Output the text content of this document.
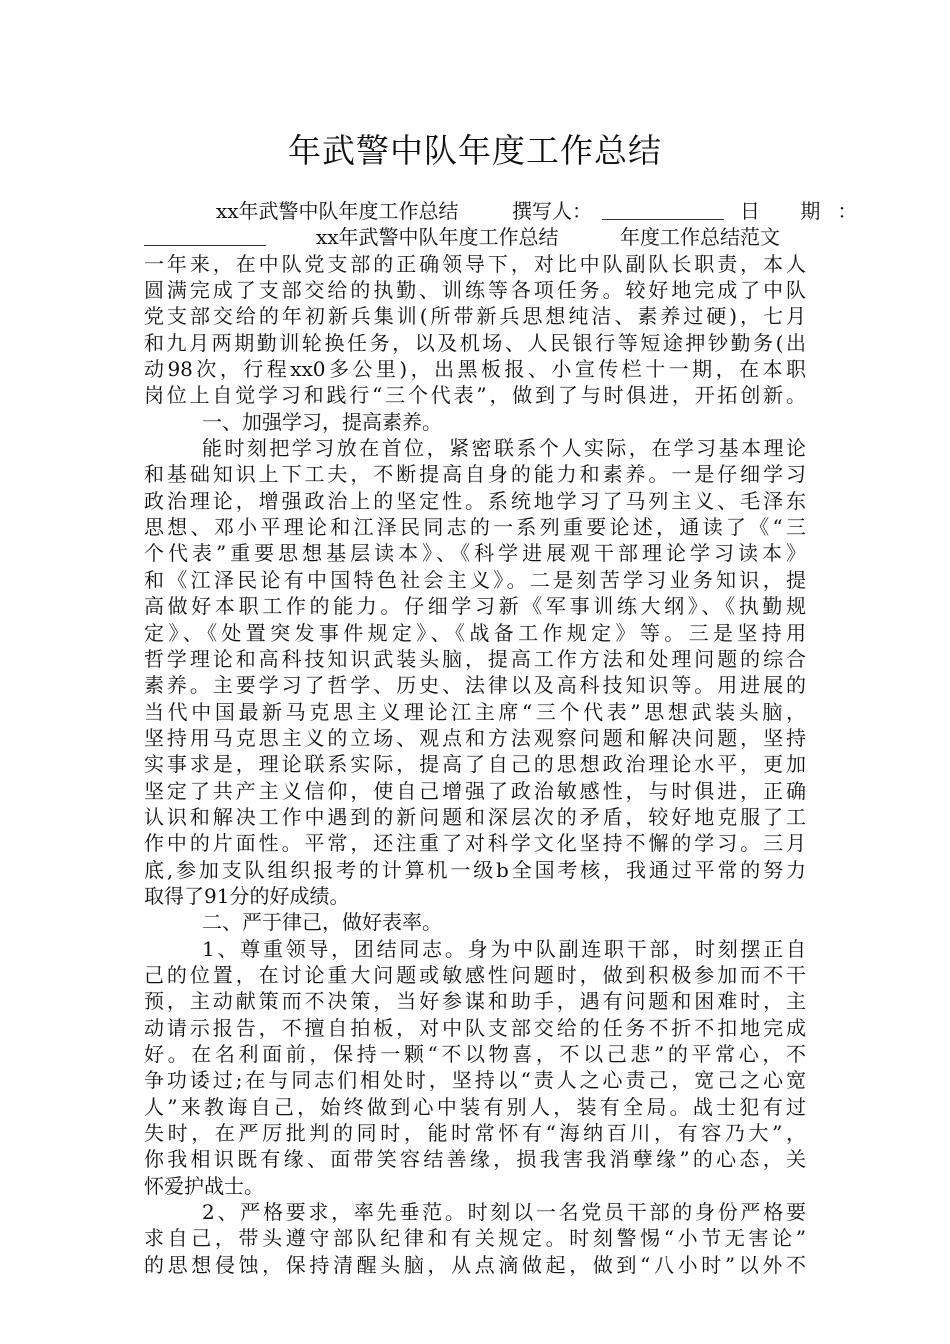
年武警中队年度工作总结
xx年武警中队年度工作总结	撰写人：	日 期：
xx年武警中队年度工作总结	年度工作总结范文
一年来，在中队党支部的正确领导下，对比中队副队长职责，本人
圆满完成了支部交给的执勤、训练等各项任务。较好地完成了中队
党支部交给的年初新兵集训(所带新兵思想纯洁、素养过硬)，七月
和九月两期勤训轮换任务，以及机场、人民银行等短途押钞勤务(出
动98次，行程xx0多公里)，出黑板报、小宣传栏十一期，在本职
岗位上自觉学习和践行“三个代表”，做到了与时俱进，开拓创新。
一、加强学习，提高素养。
能时刻把学习放在首位，紧密联系个人实际，在学习基本理论
和基础知识上下工夫，不断提高自身的能力和素养。一是仔细学习
政治理论，增强政治上的坚定性。系统地学习了马列主义、毛泽东
思想、邓小平理论和江泽民同志的一系列重要论述，通读了《“三
个代表”重要思想基层读本》、《科学进展观干部理论学习读本》
和《江泽民论有中国特色社会主义》。二是刻苦学习业务知识，提
高做好本职工作的能力。仔细学习新《军事训练大纲》、《执勤规
定》、《处置突发事件规定》、《战备工作规定》等。三是坚持用
哲学理论和高科技知识武装头脑，提高工作方法和处理问题的综合
素养。主要学习了哲学、历史、法律以及高科技知识等。用进展的
当代中国最新马克思主义理论江主席“三个代表”思想武装头脑，
坚持用马克思主义的立场、观点和方法观察问题和解决问题，坚持
实事求是，理论联系实际，提高了自己的思想政治理论水平，更加
坚定了共产主义信仰，使自己增强了政治敏感性，与时俱进，正确
认识和解决工作中遇到的新问题和深层次的矛盾，较好地克服了工
作中的片面性。平常，还注重了对科学文化坚持不懈的学习。三月
底,参加支队组织报考的计算机一级b全国考核，我通过平常的努力
取得了91分的好成绩。
二、严于律己，做好表率。
1、尊重领导，团结同志。身为中队副连职干部，时刻摆正自
己的位置，在讨论重大问题或敏感性问题时，做到积极参加而不干
预，主动献策而不决策，当好参谋和助手，遇有问题和困难时，主
动请示报告，不擅自拍板，对中队支部交给的任务不折不扣地完成
好。在名利面前，保持一颗“不以物喜，不以己悲”的平常心，不
争功诿过;在与同志们相处时，坚持以“责人之心责己，宽己之心宽
人”来教诲自己，始终做到心中装有别人，装有全局。战士犯有过
失时，在严厉批判的同时，能时常怀有“海纳百川，有容乃大”，
你我相识既有缘、面带笑容结善缘，损我害我消孽缘”的心态，关
怀爱护战士。
2、严格要求，率先垂范。时刻以一名党员干部的身份严格要
求自己，带头遵守部队纪律和有关规定。时刻警惕“小节无害论”
的思想侵蚀，保持清醒头脑，从点滴做起，做到“八小时”以外不
